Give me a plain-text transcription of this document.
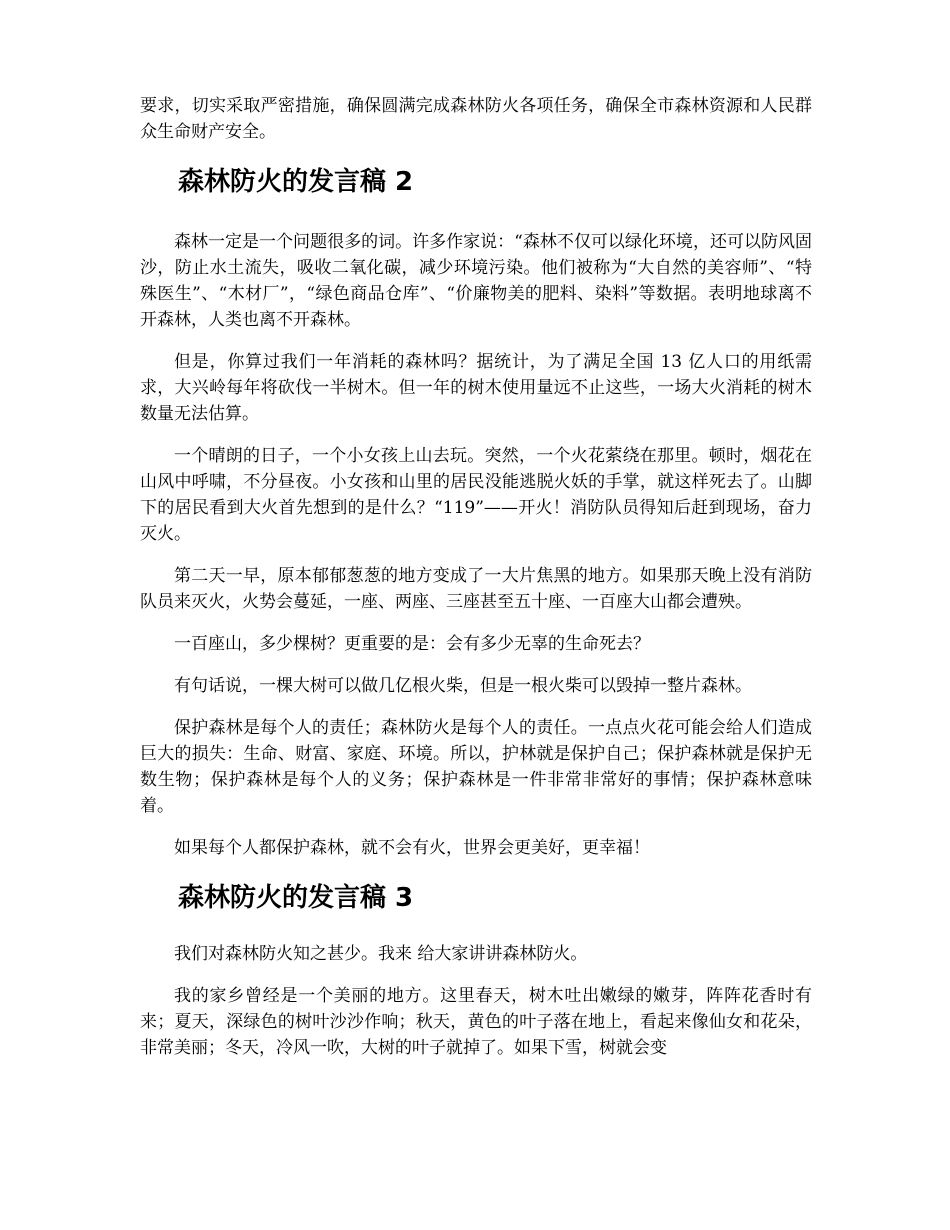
要求，切实采取严密措施，确保圆满完成森林防火各项任务，确保全市森林资源和人民群众生命财产安全。

森林防火的发言稿 2

森林一定是一个问题很多的词。许多作家说：“森林不仅可以绿化环境，还可以防风固沙，防止水土流失，吸收二氧化碳，减少环境污染。他们被称为“大自然的美容师”、“特殊医生”、“木材厂”，“绿色商品仓库”、“价廉物美的肥料、染料”等数据。表明地球离不开森林，人类也离不开森林。

但是，你算过我们一年消耗的森林吗？据统计，为了满足全国 13 亿人口的用纸需求，大兴岭每年将砍伐一半树木。但一年的树木使用量远不止这些，一场大火消耗的树木数量无法估算。

一个晴朗的日子，一个小女孩上山去玩。突然，一个火花萦绕在那里。顿时，烟花在山风中呼啸，不分昼夜。小女孩和山里的居民没能逃脱火妖的手掌，就这样死去了。山脚下的居民看到大火首先想到的是什么？“119”——开火！消防队员得知后赶到现场，奋力灭火。

第二天一早，原本郁郁葱葱的地方变成了一大片焦黑的地方。如果那天晚上没有消防队员来灭火，火势会蔓延，一座、两座、三座甚至五十座、一百座大山都会遭殃。

一百座山，多少棵树？更重要的是：会有多少无辜的生命死去？

有句话说，一棵大树可以做几亿根火柴，但是一根火柴可以毁掉一整片森林。

保护森林是每个人的责任；森林防火是每个人的责任。一点点火花可能会给人们造成巨大的损失：生命、财富、家庭、环境。所以，护林就是保护自己；保护森林就是保护无数生物；保护森林是每个人的义务；保护森林是一件非常非常好的事情；保护森林意味着。

如果每个人都保护森林，就不会有火，世界会更美好，更幸福！

森林防火的发言稿 3

我们对森林防火知之甚少。我来 给大家讲讲森林防火。

我的家乡曾经是一个美丽的地方。这里春天，树木吐出嫩绿的嫩芽，阵阵花香时有来；夏天，深绿色的树叶沙沙作响；秋天，黄色的叶子落在地上，看起来像仙女和花朵，非常美丽；冬天，冷风一吹，大树的叶子就掉了。如果下雪，树就会变
